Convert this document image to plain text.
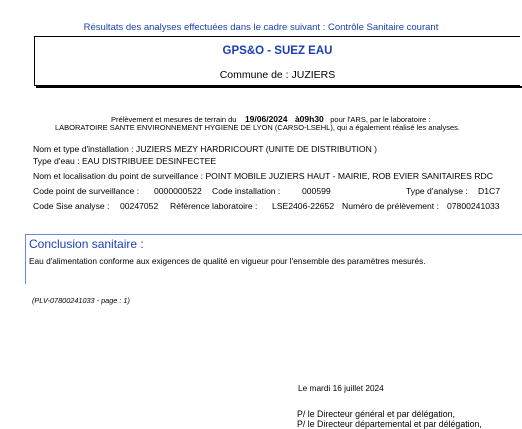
Résultats des analyses effectuées dans le cadre suivant : Contrôle Sanitaire courant
GPS&O - SUEZ EAU
Commune de : JUZIERS
Prélèvement et mesures de terrain du 19/06/2024 à09h30 pour l'ARS, par le laboratoire :
LABORATOIRE SANTE ENVIRONNEMENT HYGIENE DE LYON (CARSO-LSEHL), qui a également réalisé les analyses.
Nom et type d'installation : JUZIERS MEZY HARDRICOURT (UNITE DE DISTRIBUTION )
Type d'eau : EAU DISTRIBUEE DESINFECTEE
Nom et localisation du point de surveillance : POINT MOBILE JUZIERS HAUT - MAIRIE, ROB EVIER SANITAIRES RDC
Code point de surveillance : 0000000522 Code installation :	000599	Type d'analyse : D1C7
Code Sise analyse : 00247052 Référence laboratoire : LSE2406-22652 Numéro de prélèvement : 07800241033
Conclusion sanitaire :
Eau d'alimentation conforme aux exigences de qualité en vigueur pour l'ensemble des paramètres mesurés.
(PLV-07800241033 - page : 1)
Le mardi 16 juillet 2024
P/ le Directeur général et par délégation,
P/ le Directeur départemental et par délégation,
